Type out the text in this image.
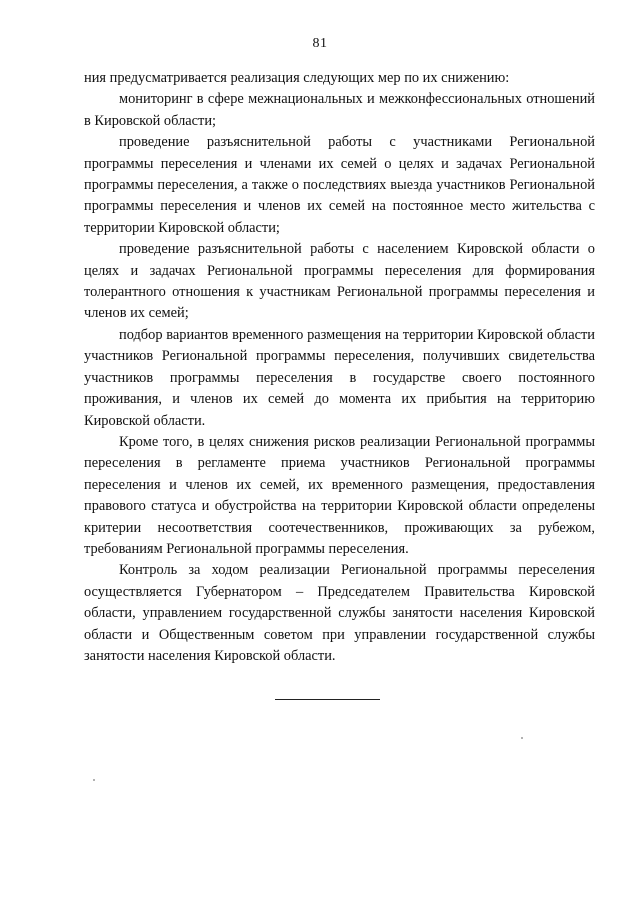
81

ния предусматривается реализация следующих мер по их снижению:

мониторинг в сфере межнациональных и межконфессиональных отношений в Кировской области;

проведение разъяснительной работы с участниками Региональной программы переселения и членами их семей о целях и задачах Региональной программы переселения, а также о последствиях выезда участников Региональной программы переселения и членов их семей на постоянное место жительства с территории Кировской области;

проведение разъяснительной работы с населением Кировской области о целях и задачах Региональной программы переселения для формирования толерантного отношения к участникам Региональной программы переселения и членов их семей;

подбор вариантов временного размещения на территории Кировской области участников Региональной программы переселения, получивших свидетельства участников программы переселения в государстве своего постоянного проживания, и членов их семей до момента их прибытия на территорию Кировской области.

Кроме того, в целях снижения рисков реализации Региональной программы переселения в регламенте приема участников Региональной программы переселения и членов их семей, их временного размещения, предоставления правового статуса и обустройства на территории Кировской области определены критерии несоответствия соотечественников, проживающих за рубежом, требованиям Региональной программы переселения.

Контроль за ходом реализации Региональной программы переселения осуществляется Губернатором – Председателем Правительства Кировской области, управлением государственной службы занятости населения Кировской области и Общественным советом при управлении государственной службы занятости населения Кировской области.
